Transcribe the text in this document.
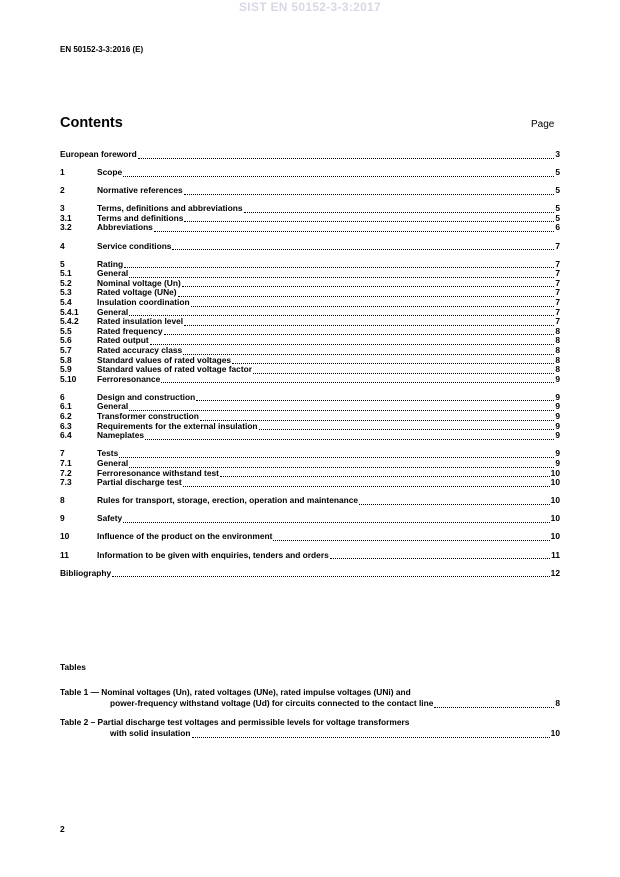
SIST EN 50152-3-3:2017
EN 50152-3-3:2016 (E)
Contents	Page
European foreword	3
1	Scope	5
2	Normative references	5
3	Terms, definitions and abbreviations	5
3.1	Terms and definitions	5
3.2	Abbreviations	6
4	Service conditions	7
5	Rating	7
5.1	General	7
5.2	Nominal voltage (Un)	7
5.3	Rated voltage (UNe)	7
5.4	Insulation coordination	7
5.4.1	General	7
5.4.2	Rated insulation level	7
5.5	Rated frequency	8
5.6	Rated output	8
5.7	Rated accuracy class	8
5.8	Standard values of rated voltages	8
5.9	Standard values of rated voltage factor	8
5.10	Ferroresonance	9
6	Design and construction	9
6.1	General	9
6.2	Transformer construction	9
6.3	Requirements for the external insulation	9
6.4	Nameplates	9
7	Tests	9
7.1	General	9
7.2	Ferroresonance withstand test	10
7.3	Partial discharge test	10
8	Rules for transport, storage, erection, operation and maintenance	10
9	Safety	10
10	Influence of the product on the environment	10
11	Information to be given with enquiries, tenders and orders	11
Bibliography	12
Tables
Table 1 — Nominal voltages (Un), rated voltages (UNe), rated impulse voltages (UNi) and
power-frequency withstand voltage (Ud) for circuits connected to the contact line	8
Table 2 – Partial discharge test voltages and permissible levels for voltage transformers
with solid insulation	10
2
